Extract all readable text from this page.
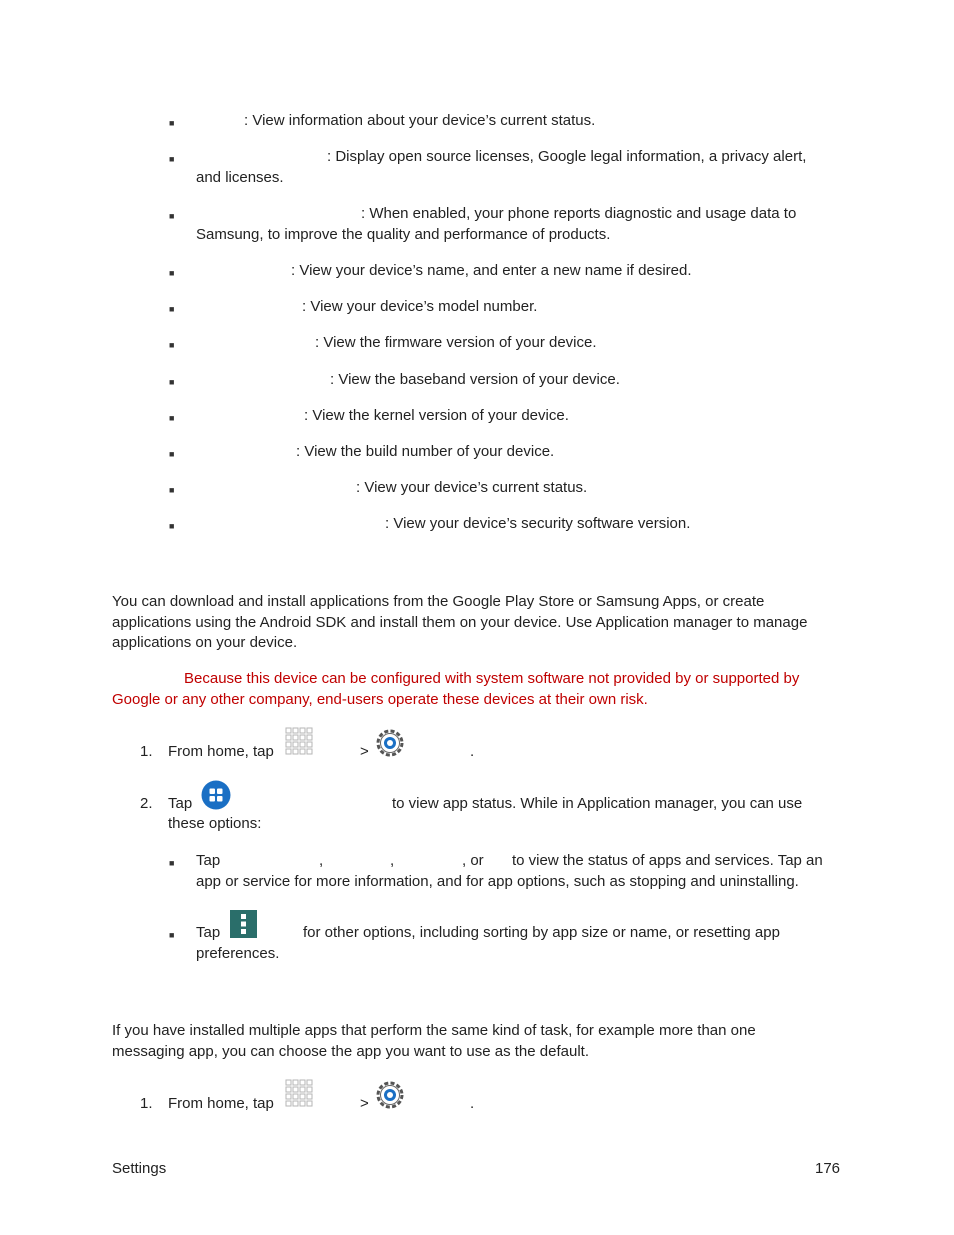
■	: View information about your device’s current status.
■	: Display open source licenses, Google legal information, a privacy alert,
and licenses.
■	: When enabled, your phone reports diagnostic and usage data to
Samsung, to improve the quality and performance of products.
■	: View your device’s name, and enter a new name if desired.
■	: View your device’s model number.
■	: View the firmware version of your device.
■	: View the baseband version of your device.
■	: View the kernel version of your device.
■	: View the build number of your device.
■	: View your device’s current status.
■	: View your device’s security software version.
You can download and install applications from the Google Play Store or Samsung Apps, or create
applications using the Android SDK and install them on your device. Use Application manager to manage
applications on your device.
Because this device can be configured with system software not provided by or supported by
Google or any other company, end-users operate these devices at their own risk.
1. From home, tap	>	.
2. Tap	to view app status. While in Application manager, you can use
these options:
■ Tap	,	,	, or to view the status of apps and services. Tap an
app or service for more information, and for app options, such as stopping and uninstalling.
■ Tap	for other options, including sorting by app size or name, or resetting app
preferences.
If you have installed multiple apps that perform the same kind of task, for example more than one
messaging app, you can choose the app you want to use as the default.
1. From home, tap	>	.
Settings	176
